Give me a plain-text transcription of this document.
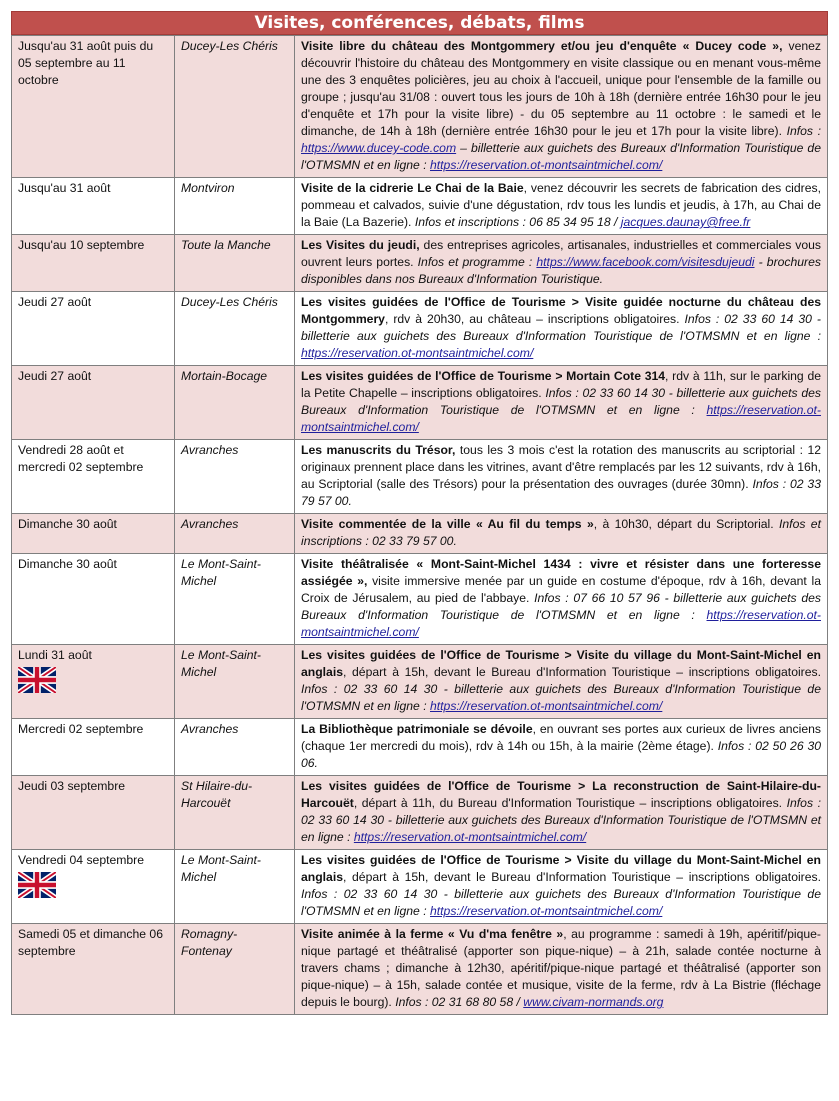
Visites, conférences, débats, films
Jusqu'au 31 août puis du 05 septembre au 11 octobre	Ducey-Les Chéris	Visite libre du château des Montgommery et/ou jeu d'enquête « Ducey code », venez découvrir l'histoire du château des Montgommery en visite classique ou en menant vous-même une des 3 enquêtes policières, jeu au choix à l'accueil, unique pour l'ensemble de la famille ou groupe ; jusqu'au 31/08 : ouvert tous les jours de 10h à 18h (dernière entrée 16h30 pour le jeu d'enquête et 17h pour la visite libre) - du 05 septembre au 11 octobre : le samedi et le dimanche, de 14h à 18h (dernière entrée 16h30 pour le jeu et 17h pour la visite libre). Infos : https://www.ducey-code.com – billetterie aux guichets des Bureaux d'Information Touristique de l'OTMSMN et en ligne : https://reservation.ot-montsaintmichel.com/
Jusqu'au 31 août	Montviron	Visite de la cidrerie Le Chai de la Baie, venez découvrir les secrets de fabrication des cidres, pommeau et calvados, suivie d'une dégustation, rdv tous les lundis et jeudis, à 17h, au Chai de la Baie (La Bazerie). Infos et inscriptions : 06 85 34 95 18 / jacques.daunay@free.fr
Jusqu'au 10 septembre	Toute la Manche	Les Visites du jeudi, des entreprises agricoles, artisanales, industrielles et commerciales vous ouvrent leurs portes. Infos et programme : https://www.facebook.com/visitesdujeudi - brochures disponibles dans nos Bureaux d'Information Touristique.
Jeudi 27 août	Ducey-Les Chéris	Les visites guidées de l'Office de Tourisme > Visite guidée nocturne du château des Montgommery, rdv à 20h30, au château – inscriptions obligatoires. Infos : 02 33 60 14 30 - billetterie aux guichets des Bureaux d'Information Touristique de l'OTMSMN et en ligne : https://reservation.ot-montsaintmichel.com/
Jeudi 27 août	Mortain-Bocage	Les visites guidées de l'Office de Tourisme > Mortain Cote 314, rdv à 11h, sur le parking de la Petite Chapelle – inscriptions obligatoires. Infos : 02 33 60 14 30 - billetterie aux guichets des Bureaux d'Information Touristique de l'OTMSMN et en ligne : https://reservation.ot-montsaintmichel.com/
Vendredi 28 août et mercredi 02 septembre	Avranches	Les manuscrits du Trésor, tous les 3 mois c'est la rotation des manuscrits au scriptorial : 12 originaux prennent place dans les vitrines, avant d'être remplacés par les 12 suivants, rdv à 16h, au Scriptorial (salle des Trésors) pour la présentation des ouvrages (durée 30mn). Infos : 02 33 79 57 00.
Dimanche 30 août	Avranches	Visite commentée de la ville « Au fil du temps », à 10h30, départ du Scriptorial. Infos et inscriptions : 02 33 79 57 00.
Dimanche 30 août	Le Mont-Saint-Michel	Visite théâtralisée « Mont-Saint-Michel 1434 : vivre et résister dans une forteresse assiégée », visite immersive menée par un guide en costume d'époque, rdv à 16h, devant la Croix de Jérusalem, au pied de l'abbaye. Infos : 07 66 10 57 96 - billetterie aux guichets des Bureaux d'Information Touristique de l'OTMSMN et en ligne : https://reservation.ot-montsaintmichel.com/
Lundi 31 août	Le Mont-Saint-Michel	Les visites guidées de l'Office de Tourisme > Visite du village du Mont-Saint-Michel en anglais, départ à 15h, devant le Bureau d'Information Touristique – inscriptions obligatoires. Infos : 02 33 60 14 30 - billetterie aux guichets des Bureaux d'Information Touristique de l'OTMSMN et en ligne : https://reservation.ot-montsaintmichel.com/
Mercredi 02 septembre	Avranches	La Bibliothèque patrimoniale se dévoile, en ouvrant ses portes aux curieux de livres anciens (chaque 1er mercredi du mois), rdv à 14h ou 15h, à la mairie (2ème étage). Infos : 02 50 26 30 06.
Jeudi 03 septembre	St Hilaire-du-Harcouët	Les visites guidées de l'Office de Tourisme > La reconstruction de Saint-Hilaire-du-Harcouët, départ à 11h, du Bureau d'Information Touristique – inscriptions obligatoires. Infos : 02 33 60 14 30 - billetterie aux guichets des Bureaux d'Information Touristique de l'OTMSMN et en ligne : https://reservation.ot-montsaintmichel.com/
Vendredi 04 septembre	Le Mont-Saint-Michel	Les visites guidées de l'Office de Tourisme > Visite du village du Mont-Saint-Michel en anglais, départ à 15h, devant le Bureau d'Information Touristique – inscriptions obligatoires. Infos : 02 33 60 14 30 - billetterie aux guichets des Bureaux d'Information Touristique de l'OTMSMN et en ligne : https://reservation.ot-montsaintmichel.com/
Samedi 05 et dimanche 06 septembre	Romagny-Fontenay	Visite animée à la ferme « Vu d'ma fenêtre », au programme : samedi à 19h, apéritif/pique-nique partagé et théâtralisé (apporter son pique-nique) – à 21h, salade contée nocturne à travers chams ; dimanche à 12h30, apéritif/pique-nique partagé et théâtralisé (apporter son pique-nique) – à 15h, salade contée et musique, visite de la ferme, rdv à La Bistrie (fléchage depuis le bourg). Infos : 02 31 68 80 58 / www.civam-normands.org
